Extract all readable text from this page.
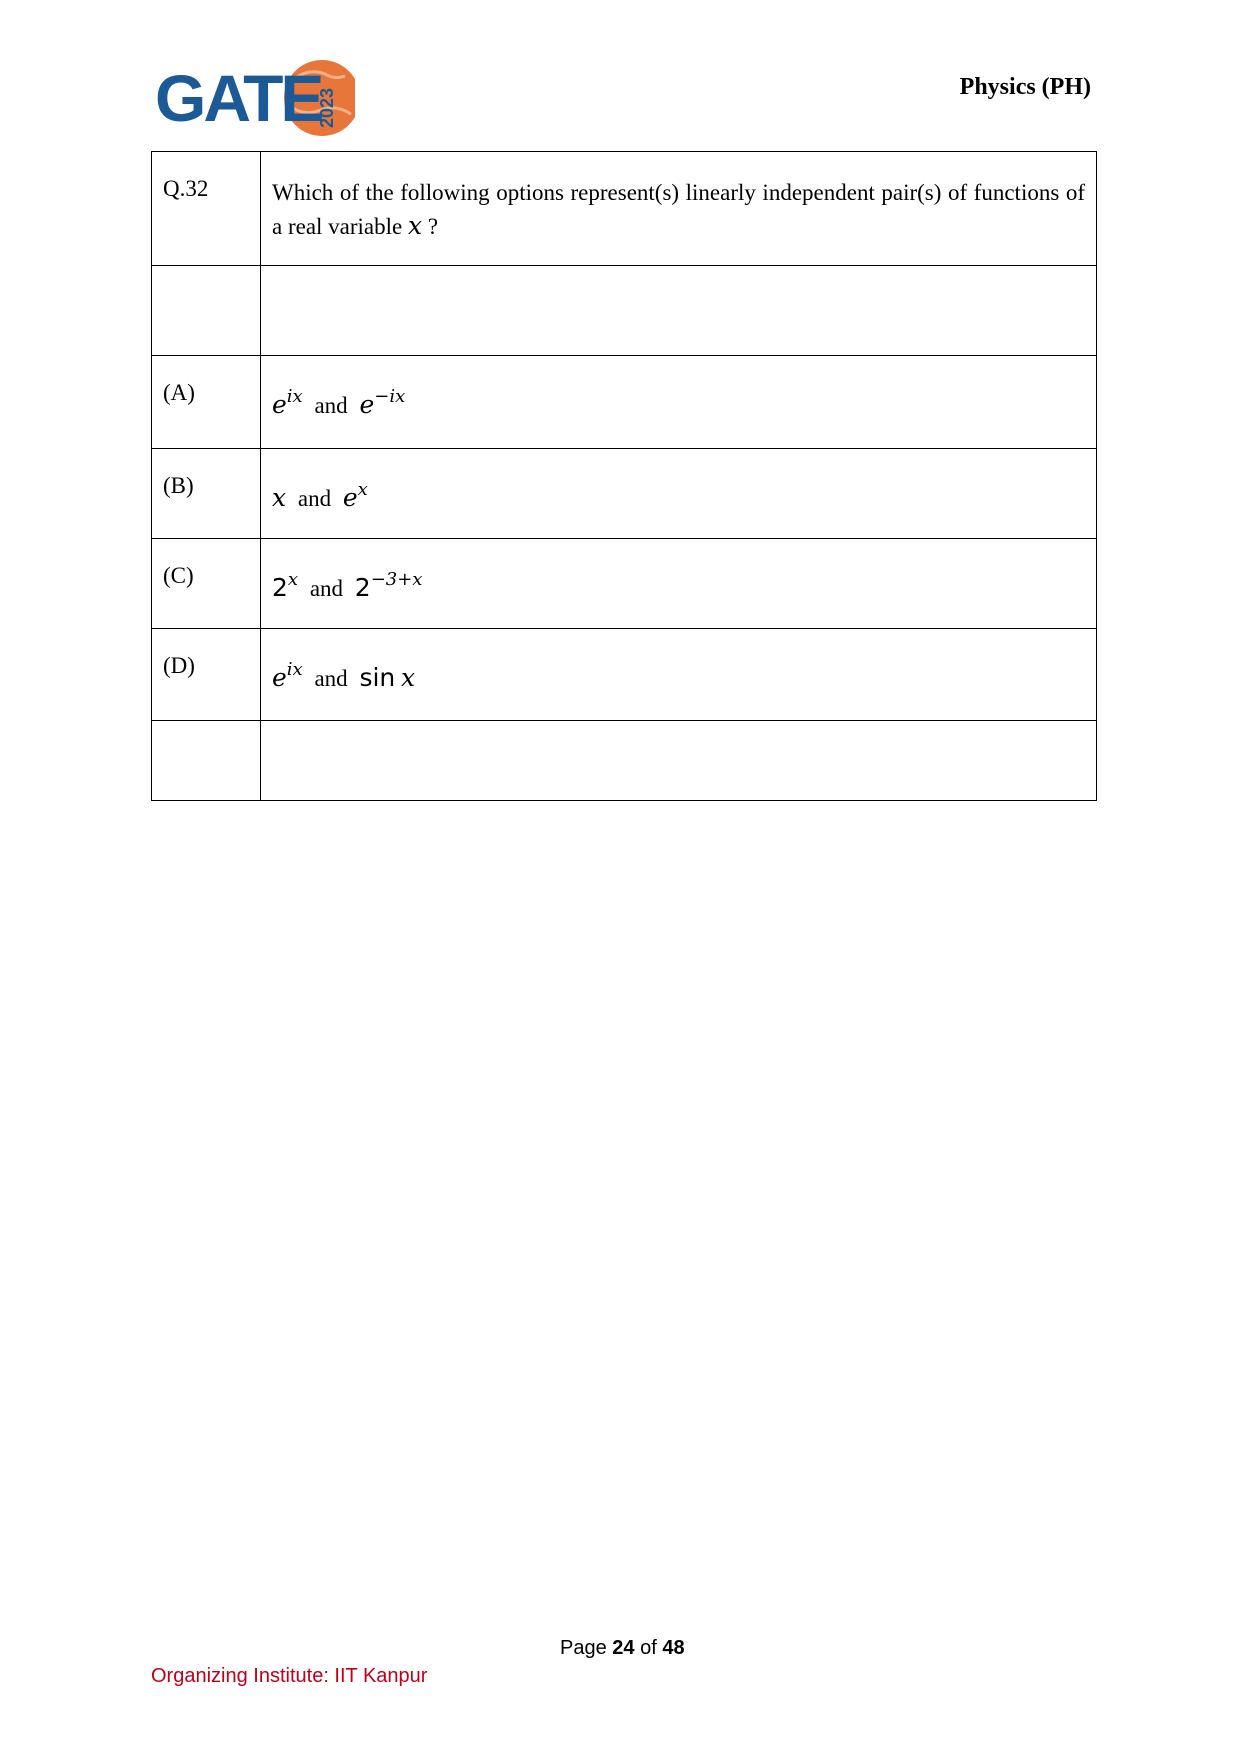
GATE
2023
Physics (PH)
Q.32	Which of the following options represent(s) linearly independent pair(s) of functions of a real variable x ?

(A)	$e^{ix}$ and $e^{-ix}$

(B)	x and $e^x$

(C)	2$^x$ and $2^{-3+x}$

(D)	$e^{ix}$ and sin x

Page 24 of 48
Organizing Institute: IIT Kanpur
